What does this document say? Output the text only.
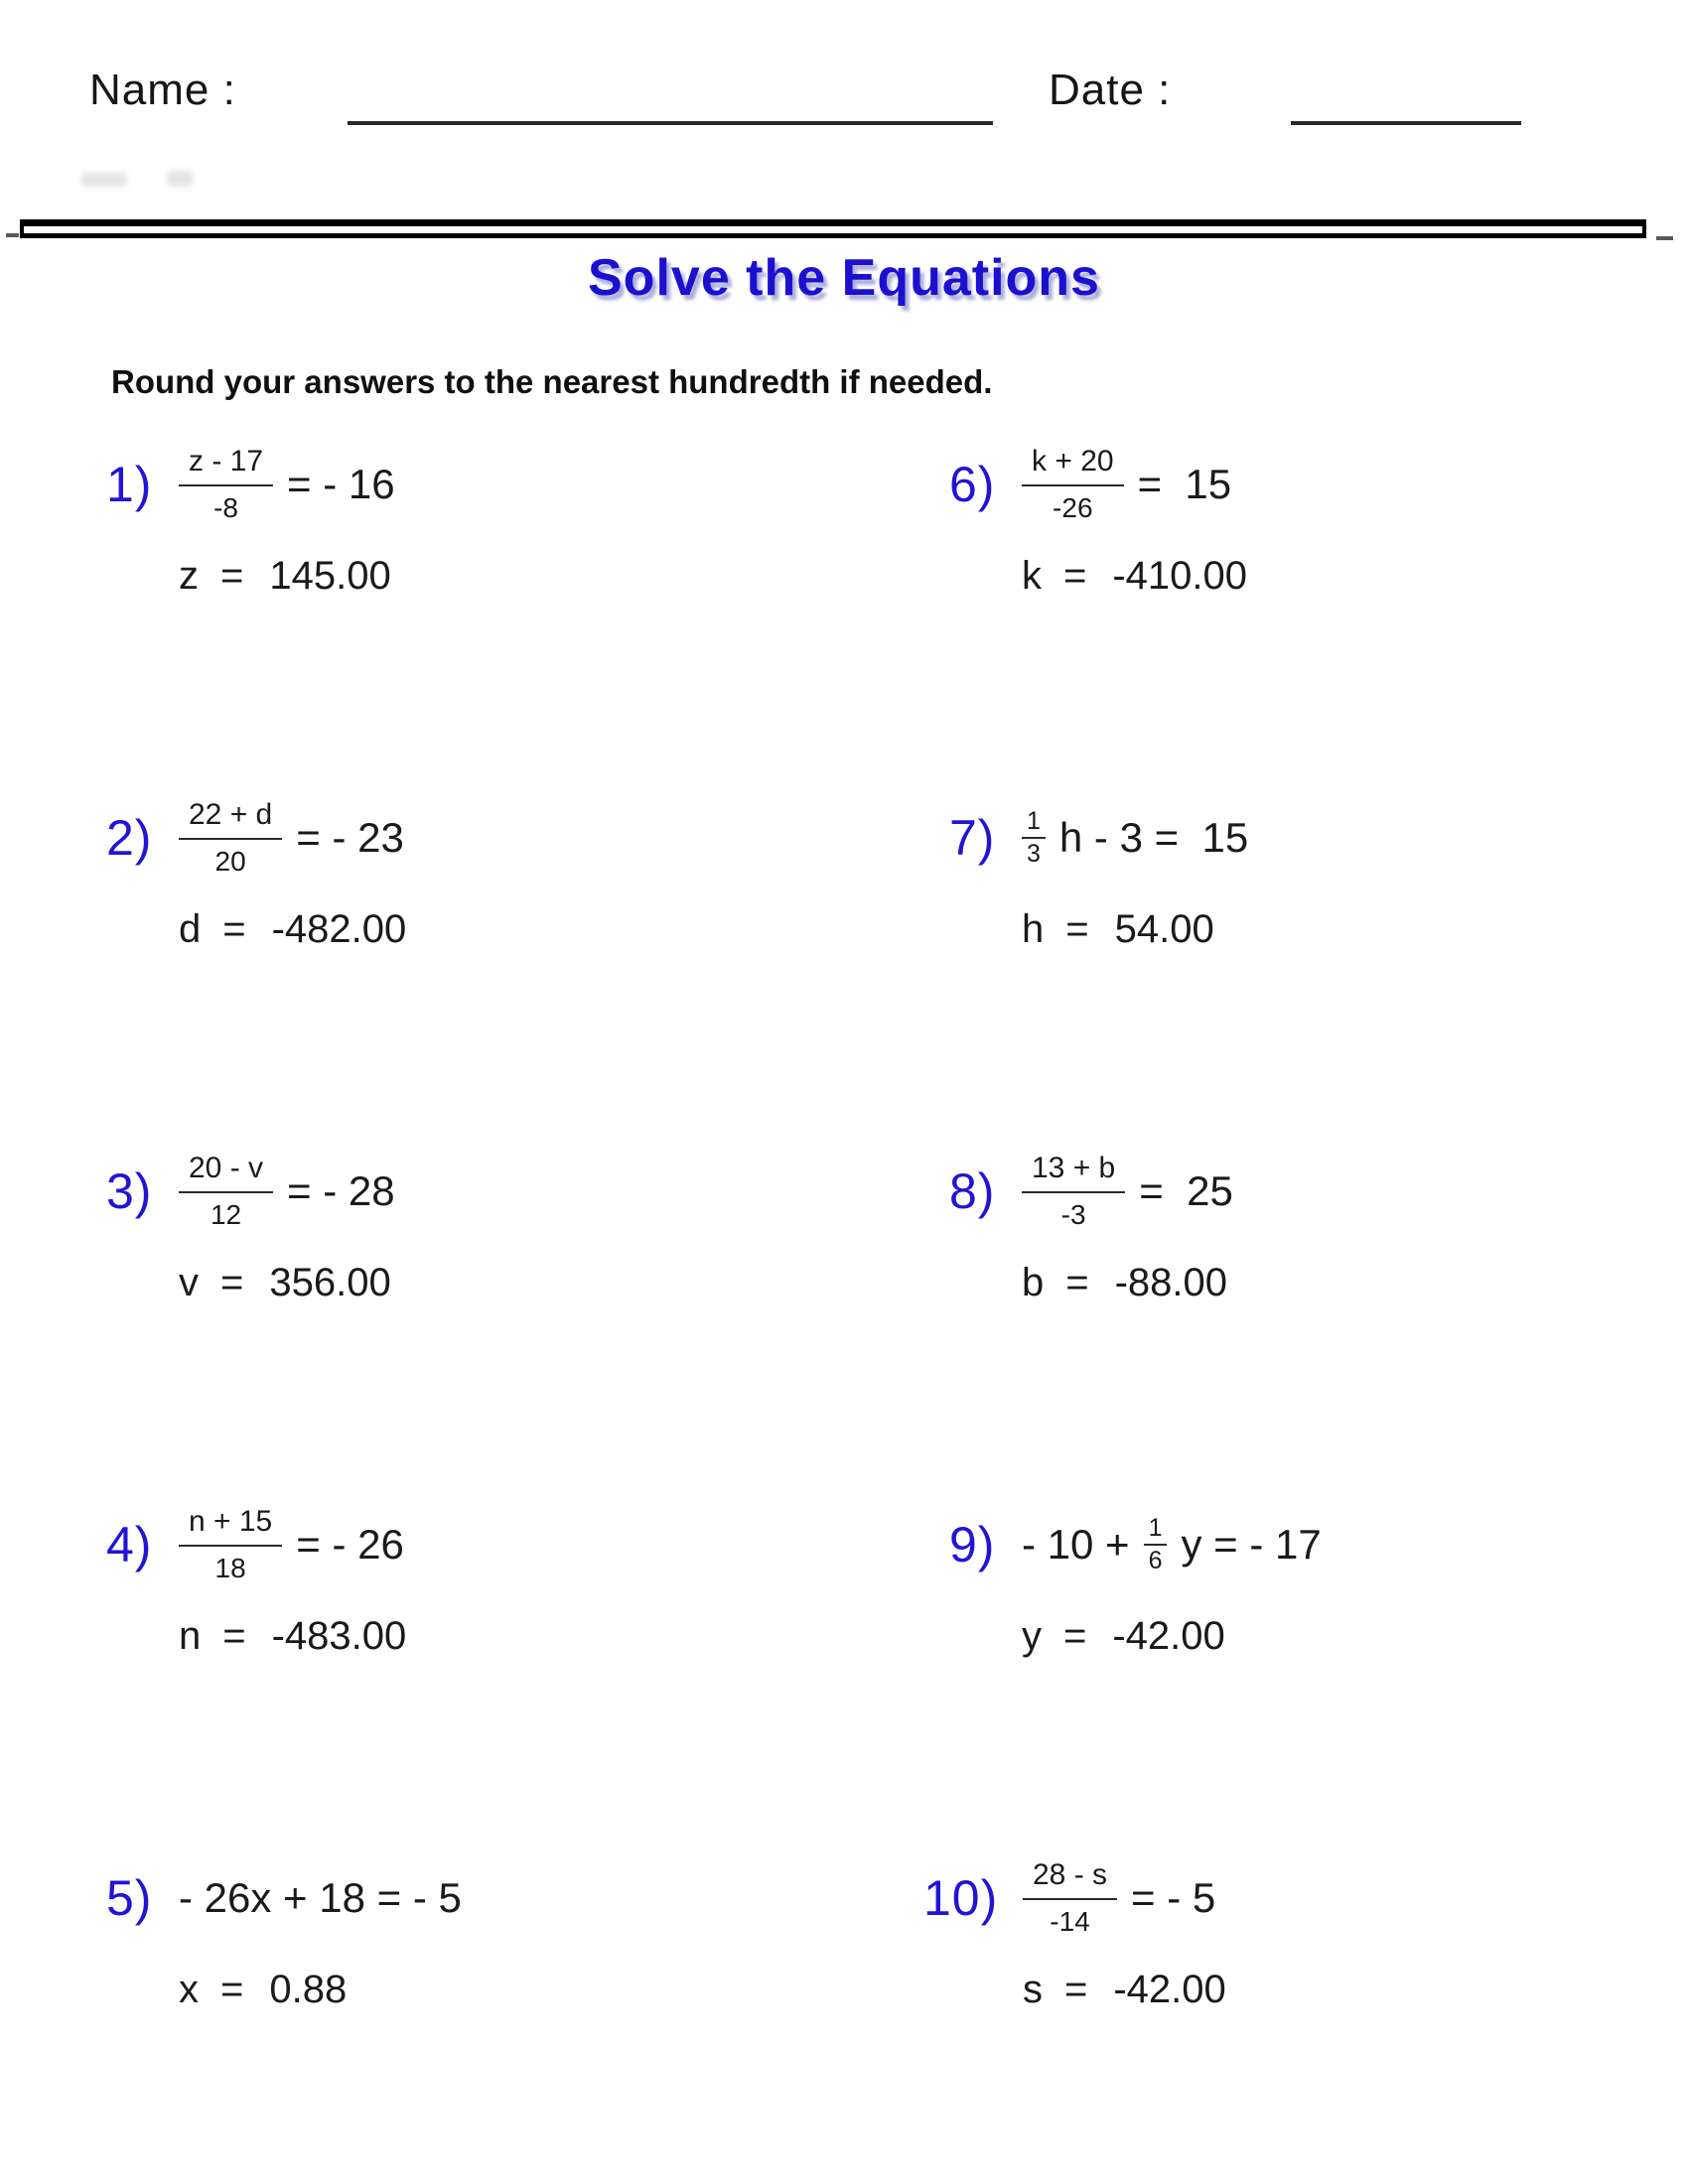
Name :	Date :
Solve the Equations
Round your answers to the nearest hundredth if needed.
$1) \frac{z - 17}{-8}$ = - 16
z = 145.00
$2) \frac{22 + d}{20}$ = - 23
d = -482.00
$3) \frac{20 - v}{12}$ = - 28
v = 356.00
$4) \frac{n + 15}{18}$ = - 26
n = -483.00
5) - 26x + 18 = - 5
x = 0.88
$6) \frac{k + 20}{-26} = 15$
k = -410.00
7)	$\frac{1}{3}$ h - 3 =  15
h = 54.00
$8) \frac{13 + b}{-3} = 25$
b = -88.00
$9) - 10 + \frac{1}{6}$ y = - 17
y = -42.00
$10) \frac{28 - s}{-14}$ = - 5
s = -42.00
